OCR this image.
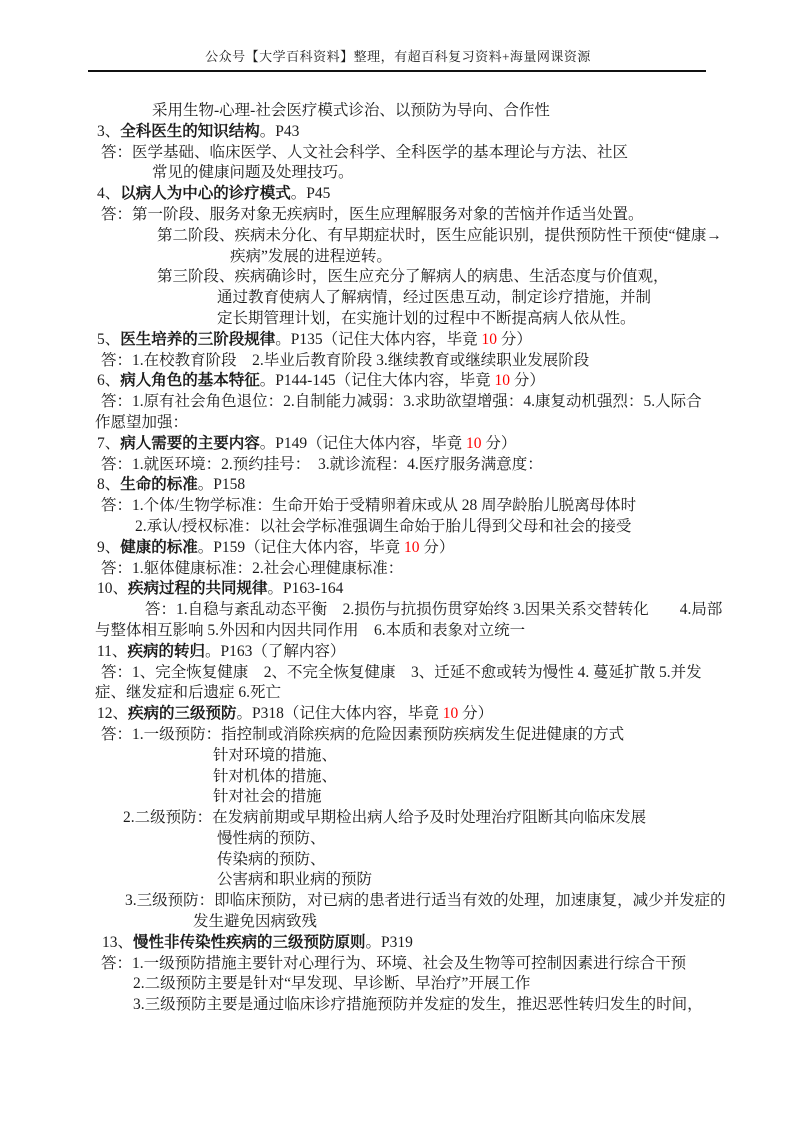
公众号【大学百科资料】整理，有超百科复习资料+海量网课资源
采用生物-心理-社会医疗模式诊治、以预防为导向、合作性
3、全科医生的知识结构。P43
答：医学基础、临床医学、人文社会科学、全科医学的基本理论与方法、社区
常见的健康问题及处理技巧。
4、以病人为中心的诊疗模式。P45
答：第一阶段、服务对象无疾病时，医生应理解服务对象的苦恼并作适当处置。
第二阶段、疾病未分化、有早期症状时，医生应能识别，提供预防性干预使“健康→
疾病”发展的进程逆转。
第三阶段、疾病确诊时，医生应充分了解病人的病患、生活态度与价值观，
通过教育使病人了解病情，经过医患互动，制定诊疗措施，并制
定长期管理计划，在实施计划的过程中不断提高病人依从性。
5、医生培养的三阶段规律。P135（记住大体内容，毕竟 10 分）
答：1.在校教育阶段　2.毕业后教育阶段 3.继续教育或继续职业发展阶段
6、病人角色的基本特征。P144-145（记住大体内容，毕竟 10 分）
答：1.原有社会角色退位：2.自制能力减弱：3.求助欲望增强：4.康复动机强烈：5.人际合
作愿望加强：
7、病人需要的主要内容。P149（记住大体内容，毕竟 10 分）
答：1.就医环境：2.预约挂号：　3.就诊流程：4.医疗服务满意度：
8、生命的标准。P158
答：1.个体/生物学标准：生命开始于受精卵着床或从 28 周孕龄胎儿脱离母体时
2.承认/授权标准：以社会学标准强调生命始于胎儿得到父母和社会的接受
9、健康的标准。P159（记住大体内容，毕竟 10 分）
答：1.躯体健康标准：2.社会心理健康标准：
10、疾病过程的共同规律。P163-164
答：1.自稳与紊乱动态平衡　2.损伤与抗损伤贯穿始终 3.因果关系交替转化　　4.局部
与整体相互影响 5.外因和内因共同作用　6.本质和表象对立统一
11、疾病的转归。P163（了解内容）
答：1、完全恢复健康　2、不完全恢复健康　3、迁延不愈或转为慢性 4. 蔓延扩散 5.并发
症、继发症和后遗症 6.死亡
12、疾病的三级预防。P318（记住大体内容，毕竟 10 分）
答：1.一级预防：指控制或消除疾病的危险因素预防疾病发生促进健康的方式
针对环境的措施、
针对机体的措施、
针对社会的措施
2.二级预防：在发病前期或早期检出病人给予及时处理治疗阻断其向临床发展
慢性病的预防、
传染病的预防、
公害病和职业病的预防
3.三级预防：即临床预防，对已病的患者进行适当有效的处理，加速康复，减少并发症的
发生避免因病致残
13、慢性非传染性疾病的三级预防原则。P319
答：1.一级预防措施主要针对心理行为、环境、社会及生物等可控制因素进行综合干预
2.二级预防主要是针对“早发现、早诊断、早治疗”开展工作
3.三级预防主要是通过临床诊疗措施预防并发症的发生，推迟恶性转归发生的时间，
